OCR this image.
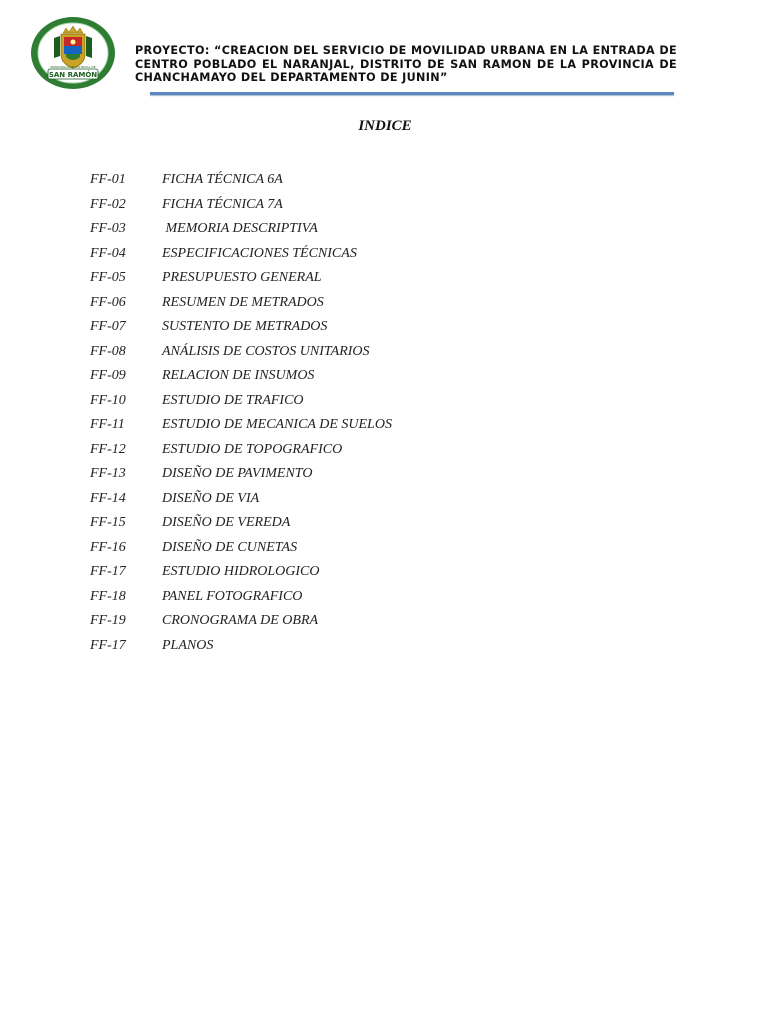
MUNICIPALIDAD DISTRITAL DE
SAN RAMÓN
PROYECTO: “CREACION DEL SERVICIO DE MOVILIDAD URBANA EN LA ENTRADA DE CENTRO POBLADO EL NARANJAL, DISTRITO DE SAN RAMON DE LA PROVINCIA DE CHANCHAMAYO DEL DEPARTAMENTO DE JUNIN”
INDICE
FF-01	FICHA TÉCNICA 6A
FF-02	FICHA TÉCNICA 7A
FF-03	MEMORIA DESCRIPTIVA
FF-04	ESPECIFICACIONES TÉCNICAS
FF-05	PRESUPUESTO GENERAL
FF-06	RESUMEN DE METRADOS
FF-07	SUSTENTO DE METRADOS
FF-08	ANÁLISIS DE COSTOS UNITARIOS
FF-09	RELACION DE INSUMOS
FF-10	ESTUDIO DE TRAFICO
FF-11	ESTUDIO DE MECANICA DE SUELOS
FF-12	ESTUDIO DE TOPOGRAFICO
FF-13	DISEÑO DE PAVIMENTO
FF-14	DISEÑO DE VIA
FF-15	DISEÑO DE VEREDA
FF-16	DISEÑO DE CUNETAS
FF-17	ESTUDIO HIDROLOGICO
FF-18	PANEL FOTOGRAFICO
FF-19	CRONOGRAMA DE OBRA
FF-17	PLANOS
